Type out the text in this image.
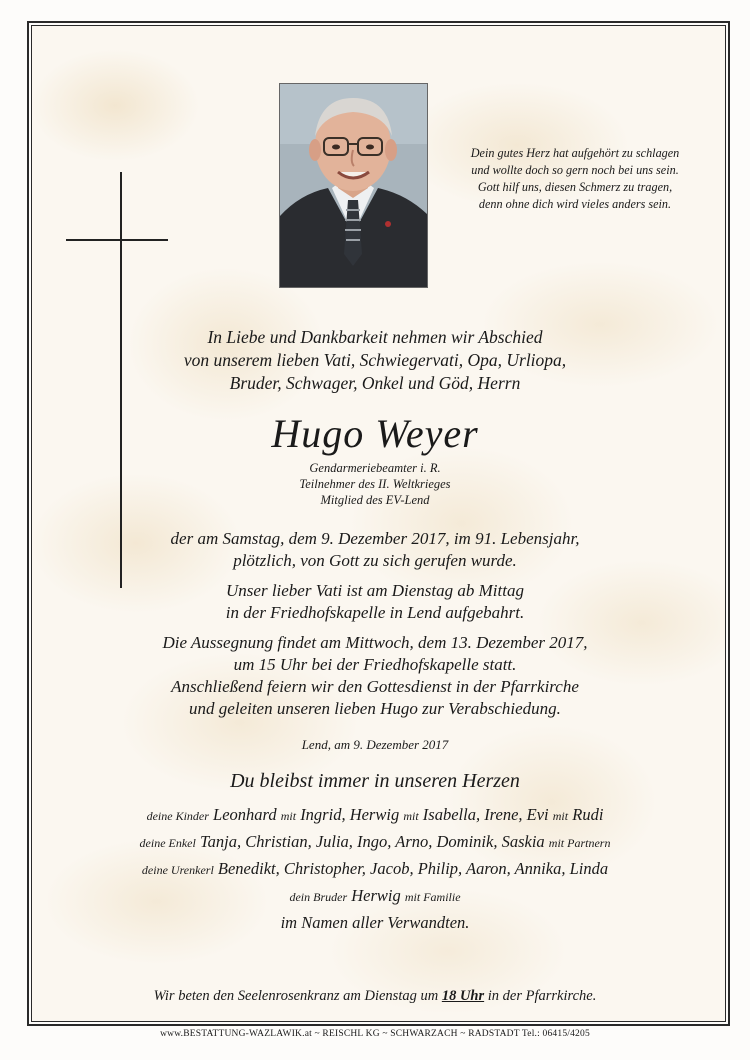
Dein gutes Herz hat aufgehört zu schlagen
und wollte doch so gern noch bei uns sein.
Gott hilf uns, diesen Schmerz zu tragen,
denn ohne dich wird vieles anders sein.
In Liebe und Dankbarkeit nehmen wir Abschied
von unserem lieben Vati, Schwiegervati, Opa, Urliopa,
Bruder, Schwager, Onkel und Göd, Herrn
Hugo Weyer
Gendarmeriebeamter i. R.
Teilnehmer des II. Weltkrieges
Mitglied des EV-Lend
der am Samstag, dem 9. Dezember 2017, im 91. Lebensjahr,
plötzlich, von Gott zu sich gerufen wurde.
Unser lieber Vati ist am Dienstag ab Mittag
in der Friedhofskapelle in Lend aufgebahrt.
Die Aussegnung findet am Mittwoch, dem 13. Dezember 2017,
um 15 Uhr bei der Friedhofskapelle statt.
Anschließend feiern wir den Gottesdienst in der Pfarrkirche
und geleiten unseren lieben Hugo zur Verabschiedung.
Lend, am 9. Dezember 2017
Du bleibst immer in unseren Herzen
deine Kinder Leonhard mit Ingrid, Herwig mit Isabella, Irene, Evi mit Rudi
deine Enkel Tanja, Christian, Julia, Ingo, Arno, Dominik, Saskia mit Partnern
deine Urenkerl Benedikt, Christopher, Jacob, Philip, Aaron, Annika, Linda
dein Bruder Herwig mit Familie
im Namen aller Verwandten.
Wir beten den Seelenrosenkranz am Dienstag um 18 Uhr in der Pfarrkirche.
www.BESTATTUNG-WAZLAWIK.at ~ REISCHL KG ~ SCHWARZACH ~ RADSTADT Tel.: 06415/4205
